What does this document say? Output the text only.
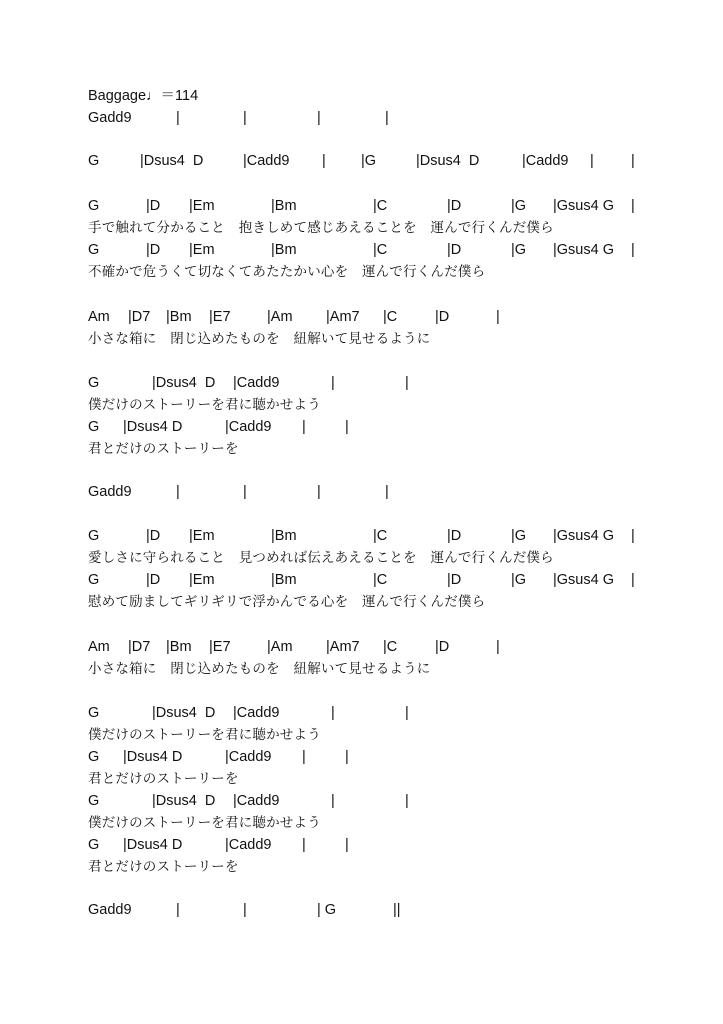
Baggage♩＝114
Gadd9	|	|	|	|
G	|Dsus4  D	|Cadd9 | |G	|Dsus4  D	|Cadd9 |	|
G	|D |Em	|Bm	|C	|D	|G |Gsus4 G |
手で触れて分かること　抱きしめて感じあえることを　運んで行くんだ僕ら
G	|D |Em	|Bm	|C	|D	|G |Gsus4 G |
不確かで危うくて切なくてあたたかい心を　運んで行くんだ僕ら
Am |D7 |Bm |E7	|Am |Am7 |C	|D	|
小さな箱に　閉じ込めたものを　紐解いて見せるように
G	|Dsus4  D |Cadd9	|	|
僕だけのストーリーを君に聴かせよう
G |Dsus4 D	|Cadd9 |	|
君とだけのストーリーを
Gadd9	|	|	|	|
G	|D |Em	|Bm	|C	|D	|G |Gsus4 G |
愛しさに守られること　見つめれば伝えあえることを　運んで行くんだ僕ら
G	|D |Em	|Bm	|C	|D	|G |Gsus4 G |
慰めて励ましてギリギリで浮かんでる心を　運んで行くんだ僕ら
Am |D7 |Bm |E7	|Am |Am7 |C	|D	|
小さな箱に　閉じ込めたものを　紐解いて見せるように
G	|Dsus4  D |Cadd9	|	|
僕だけのストーリーを君に聴かせよう
G |Dsus4 D	|Cadd9 |	|
君とだけのストーリーを
G	|Dsus4  D |Cadd9	|	|
僕だけのストーリーを君に聴かせよう
G |Dsus4 D	|Cadd9 |	|
君とだけのストーリーを
Gadd9	|	|	| G	||
